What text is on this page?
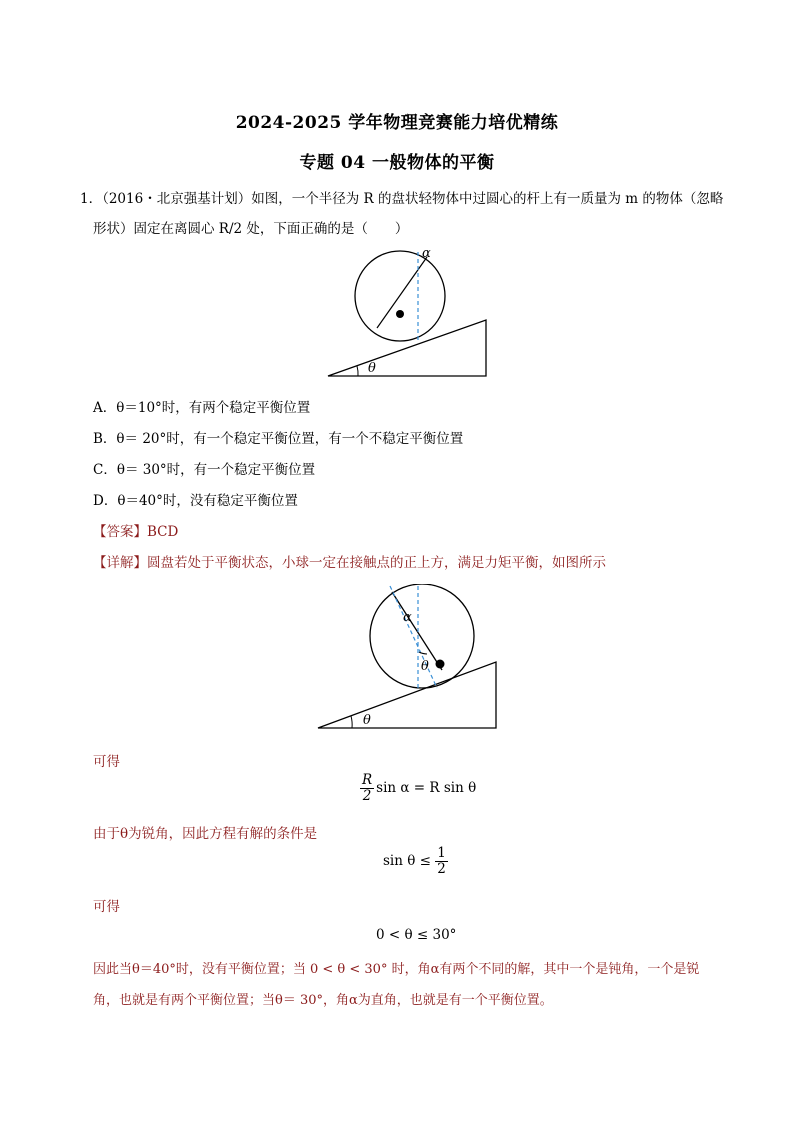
2024-2025 学年物理竞赛能力培优精练
专题 04 一般物体的平衡
1．（2016・北京强基计划）如图，一个半径为 R 的盘状轻物体中过圆心的杆上有一质量为 m 的物体（忽略
形状）固定在离圆心 R/2 处，下面正确的是（　　）
α
θ
A．θ＝10°时，有两个稳定平衡位置
B．θ＝ 20°时，有一个稳定平衡位置，有一个不稳定平衡位置
C．θ＝ 30°时，有一个稳定平衡位置
D．θ＝40°时，没有稳定平衡位置
【答案】BCD
【详解】圆盘若处于平衡状态，小球一定在接触点的正上方，满足力矩平衡，如图所示
α
θ
θ
可得
$\frac{R}{2}$ sin α = R sin θ
由于θ为锐角，因此方程有解的条件是
$\sin \theta \le \frac{1}{2}$
可得
0 < θ ≤ 30°
因此当θ＝40°时，没有平衡位置；当 0 < θ < 30° 时，角α有两个不同的解，其中一个是钝角，一个是锐
角，也就是有两个平衡位置；当θ＝ 30°，角α为直角，也就是有一个平衡位置。
